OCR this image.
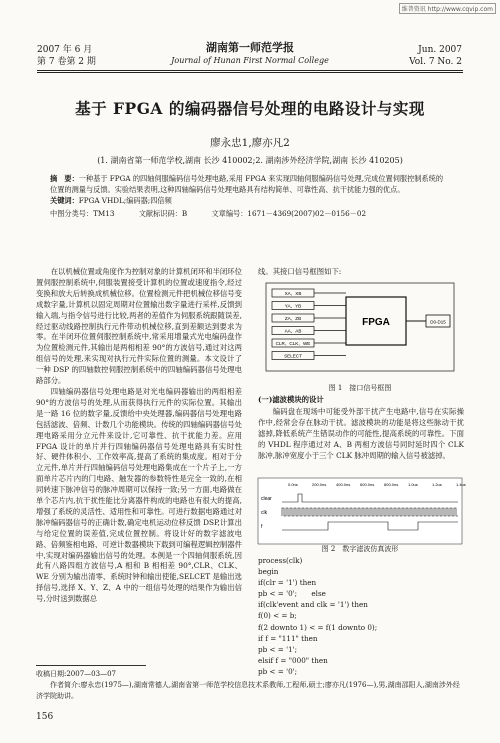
维普资讯 http://www.cqvip.com
2007 年 6 月
第 7 卷第 2 期
湖南第一师范学报
Journal of Hunan First Normal College
Jun. 2007
Vol. 7 No. 2
基于 FPGA 的编码器信号处理的电路设计与实现
廖永忠1,廖亦凡2
(1. 湖南省第一师范学校,湖南 长沙 410002;2. 湖南涉外经济学院,湖南 长沙 410205)
摘　要：一种基于 FPGA 的四轴伺服编码信号处理电路,采用 FPGA 来实现四轴伺服编码信号处理,完成位置伺服控制系统的位置的测量与反馈。实验结果表明,这种四轴编码信号处理电路具有结构简单、可靠性高、抗干扰能力强的优点。
关键词：FPGA VHDL;编码器;四倍频
中图分类号：TM13	文献标识码：B	文章编号：1671－4369(2007)02－0156－02

在以机械位置或角度作为控制对象的计算机闭环和半闭环位置伺服控制系统中,伺服装置接受计算机的位置或速度指令,经过变换和放大后转换成机械位移。位置检测元件把机械位移信号变成数字量,计算机以固定周期对位置输出数字量进行采样,反馈到输入端,与指令信号进行比较,两者的差值作为伺服系统跟随误差,经过驱动线路控制执行元件带动机械位移,直到差额达到要求为零。在半闭环位置伺服控制系统中,常采用增量式光电编码盘作为位置检测元件,其输出是两相相差 90°的方波信号,通过对这两组信号的处理,来实现对执行元件实际位置的测量。本文设计了一种 DSP 的四轴数控伺服控制系统中的四轴编码器信号处理电路部分。

四轴编码器信号处理电路是对光电编码器输出的两组相差 90°的方波信号的处理,从而获得执行元件的实际位置。其输出是一路 16 位的数字量,反馈给中央处理器,编码器信号处理电路包括滤波、倍频、计数几个功能模块。传统的四轴编码器信号处理电路采用分立元件来设计,它可靠性、抗干扰能力差。应用 FPGA 设计的单片并行四轴编码器信号处理电路具有实时性好、硬件体积小、工作效率高,提高了系统的集成度。相对于分立元件,单片并行四轴编码信号处理电路集成在一个片子上,一方面单片芯片内的门电路、触发器的参数特性是完全一致的,在相同转速下脉冲信号的脉冲周期可以保持一致;另一方面,电路做在单个芯片内,抗干扰性能比分离器件构成的电路也有很大的提高,增强了系统的灵活性、适用性和可靠性。可进行数据电路通过对脉冲编码器信号的正确计数,确定电机运动位移反馈 DSP,计算出与给定位置的误差值,完成位置控制。将设计好的数字滤波电路、倍频鉴相电路、可逆计数器模块下载到可编程逻辑控制器件中,实现对编码器输出信号的处理。本例是一个四轴伺服系统,因此有八路四组方波信号,A 相和 B 相相差 90°,CLR、CLK、WE 分别为输出清零、系统时钟和输出使能,SELCET 是输出选择信号,选择 X、Y、Z、A 中的一组信号处理的结果作为输出信号,分时送到数据总

线。其接口信号框图如下:
XA、XB
YA、YB
ZA、ZB
AA、AB
CLR、CLK、WE
SELECT
FPGA	D0-D15
图 1　接口信号框图
(一)滤波模块的设计
编码盘在现场中可能受外部干扰产生电路中,信号在实际操作中,经常会存在脉动干扰。滤波模块的功能是将这些脉动干扰滤掉,降低系统产生错误动作的可能性,提高系统的可靠性。下面的 VHDL 程序通过对 A、B 两相方波信号同时延时四个 CLK 脉冲,脉冲宽度小于三个 CLK 脉冲周期的输入信号被滤掉。
0.0ns	200.0ns 400.0ns 600.0ns 800.0ns 1.0us	1.2us	1.4us
clear
clk
f
图 2　数字滤波仿真波形
process(clk)
begin
if(clr = '1') then
pb < = '0';　　else
if(clk'event and clk = '1') then
f(0) < = b;
f(2 downto 1) < = f(1 downto 0);
if f = "111" then
pb < = '1';
elsif f = "000" then
pb < = '0';
收稿日期:2007—03—07
作者简介:廖永忠(1975—),湖南常德人,湖南省第一师范学校信息技术系教师,工程师,硕士;廖亦凡(1976—),男,湖南邵阳人,湖南涉外经济学院助讲。
156
